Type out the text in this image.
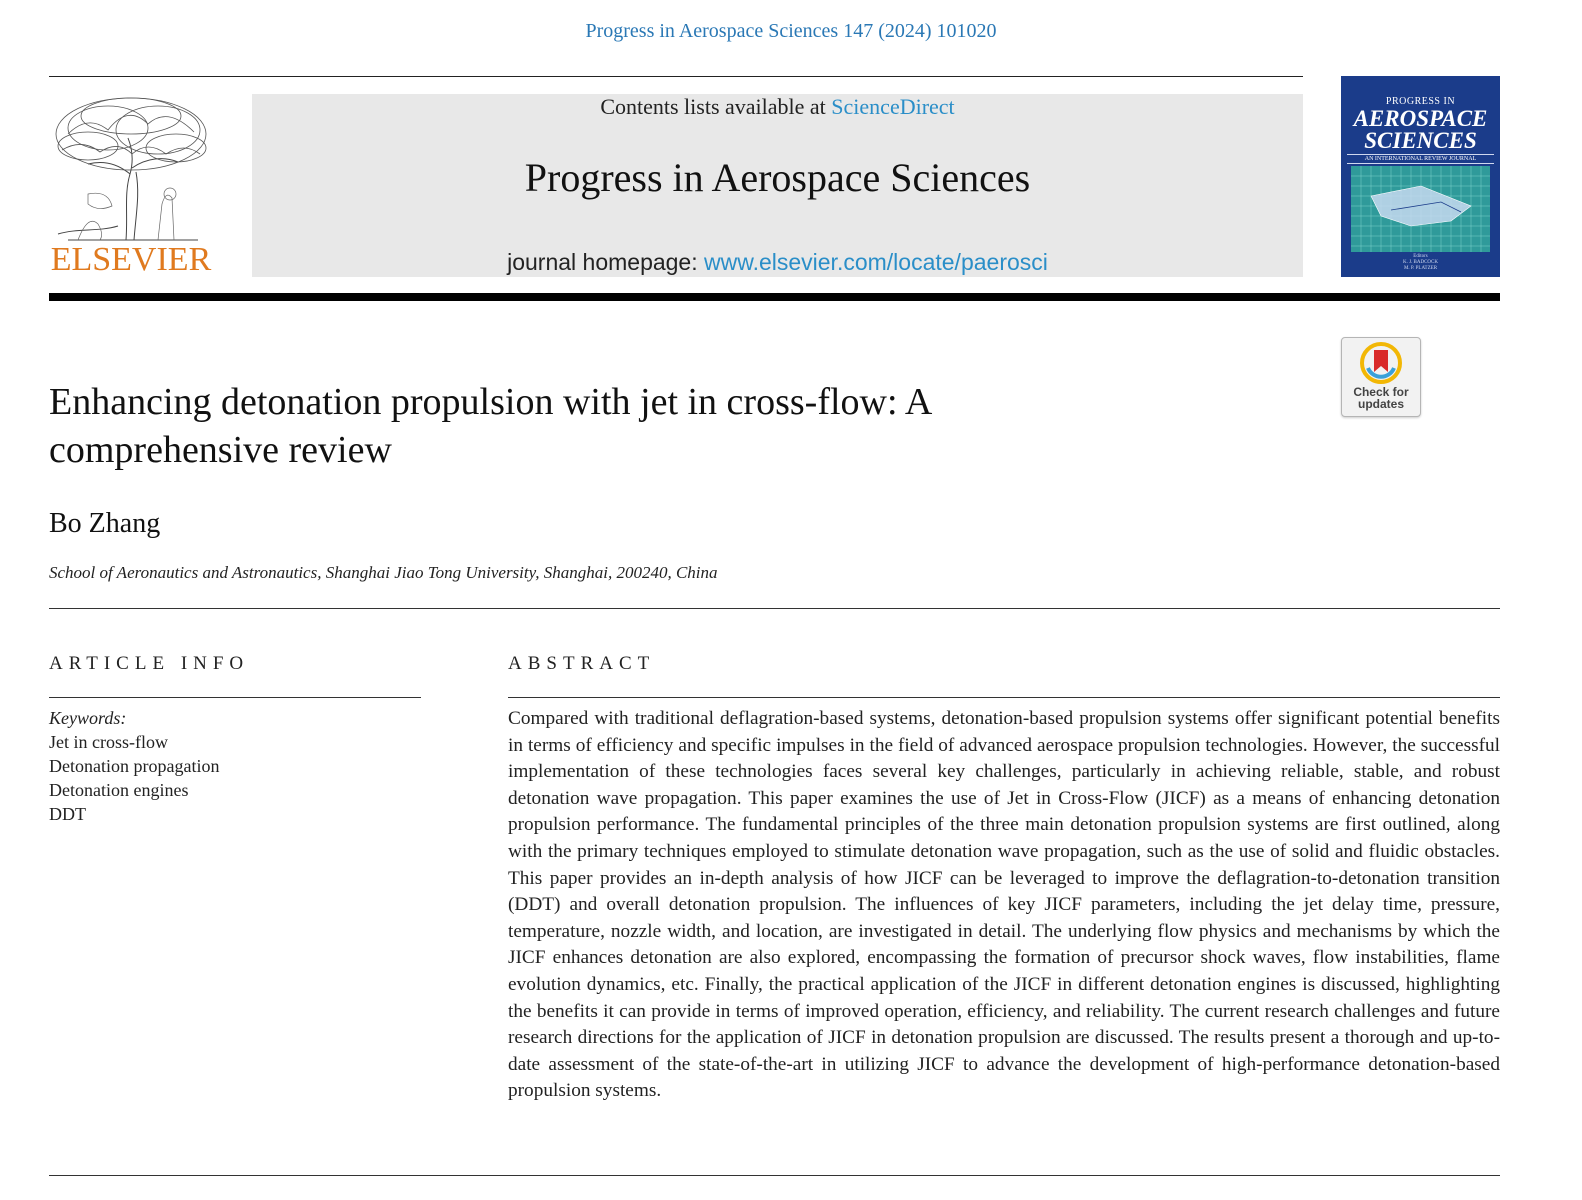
Progress in Aerospace Sciences 147 (2024) 101020
ELSEVIER
Contents lists available at ScienceDirect
Progress in Aerospace Sciences
journal homepage: www.elsevier.com/locate/paerosci
PROGRESS IN
AEROSPACE
SCIENCES
AN INTERNATIONAL REVIEW JOURNAL
Editors
K. J. BADCOCK
M. P. PLATZER
Check for
updates
Enhancing detonation propulsion with jet in cross-flow: A
comprehensive review
Bo Zhang
School of Aeronautics and Astronautics, Shanghai Jiao Tong University, Shanghai, 200240, China
ARTICLE INFO
Keywords:
Jet in cross-flow
Detonation propagation
Detonation engines
DDT
ABSTRACT
Compared with traditional deflagration-based systems, detonation-based propulsion systems offer significant potential benefits in terms of efficiency and specific impulses in the field of advanced aerospace propulsion technologies. However, the successful implementation of these technologies faces several key challenges, particularly in achieving reliable, stable, and robust detonation wave propagation. This paper examines the use of Jet in Cross-Flow (JICF) as a means of enhancing detonation propulsion performance. The fundamental principles of the three main detonation propulsion systems are first outlined, along with the primary techniques employed to stimulate detonation wave propagation, such as the use of solid and fluidic obstacles. This paper provides an in-depth analysis of how JICF can be leveraged to improve the deflagration-to-detonation transition (DDT) and overall detonation propulsion. The influences of key JICF parameters, including the jet delay time, pressure, temperature, nozzle width, and location, are investigated in detail. The underlying flow physics and mechanisms by which the JICF enhances detonation are also explored, encompassing the formation of precursor shock waves, flow instabilities, flame evolution dynamics, etc. Finally, the practical application of the JICF in different detonation engines is discussed, highlighting the benefits it can provide in terms of improved operation, efficiency, and reliability. The current research challenges and future research directions for the application of JICF in detonation propulsion are discussed. The results present a thorough and up-to-date assessment of the state-of-the-art in utilizing JICF to advance the development of high-performance detonation-based propulsion systems.
